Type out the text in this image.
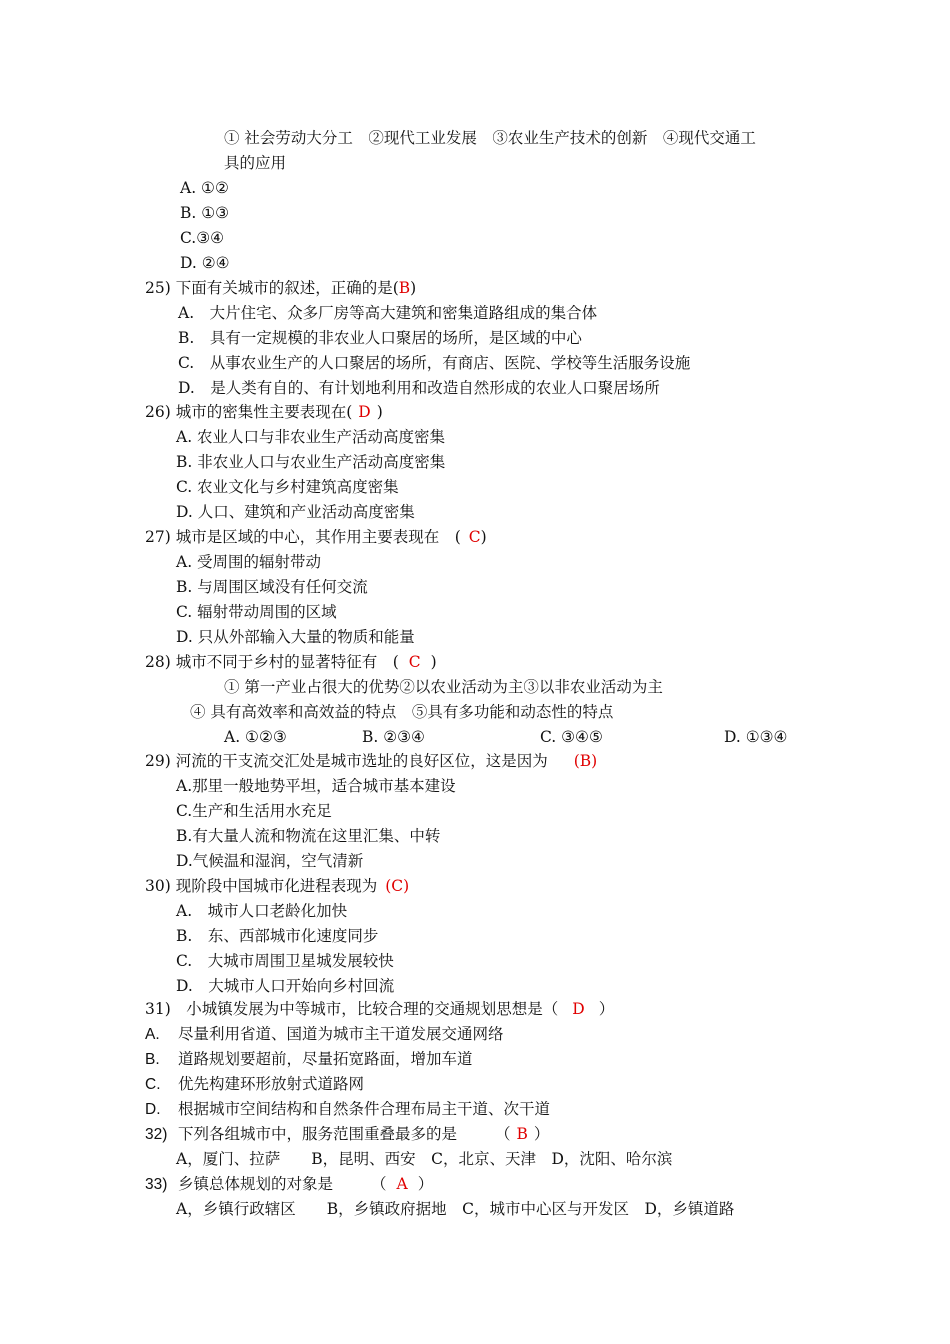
① 社会劳动大分工　②现代工业发展　③农业生产技术的创新　④现代交通工
具的应用
A. ①②
B. ①③
C.③④
D. ②④
25) 下面有关城市的叙述，正确的是(B)
A.　大片住宅、众多厂房等高大建筑和密集道路组成的集合体
B.　具有一定规模的非农业人口聚居的场所，是区域的中心
C.　从事农业生产的人口聚居的场所，有商店、医院、学校等生活服务设施
D.　是人类有自的、有计划地利用和改造自然形成的农业人口聚居场所
26) 城市的密集性主要表现在( D )
A. 农业人口与非农业生产活动高度密集
B. 非农业人口与农业生产活动高度密集
C. 农业文化与乡村建筑高度密集
D. 人口、建筑和产业活动高度密集
27) 城市是区域的中心，其作用主要表现在　( C)
A. 受周围的辐射带动
B. 与周围区域没有任何交流
C. 辐射带动周围的区域
D. 只从外部输入大量的物质和能量
28) 城市不同于乡村的显著特征有　( C )
① 第一产业占很大的优势②以农业活动为主③以非农业活动为主
④ 具有高效率和高效益的特点　⑤具有多功能和动态性的特点
A. ①②③	B. ②③④	C. ③④⑤	D. ①③④
29) 河流的干支流交汇处是城市选址的良好区位，这是因为 (B)
A.那里一般地势平坦，适合城市基本建设
C.生产和生活用水充足
B.有大量人流和物流在这里汇集、中转
D.气候温和湿润，空气清新
30) 现阶段中国城市化进程表现为 (C)
A.　城市人口老龄化加快
B.　东、西部城市化速度同步
C.　大城市周围卫星城发展较快
D.　大城市人口开始向乡村回流
31)　小城镇发展为中等城市，比较合理的交通规划思想是（ D ）
A. 尽量利用省道、国道为城市主干道发展交通网络
B. 道路规划要超前，尽量拓宽路面，增加车道
C. 优先构建环形放射式道路网
D. 根据城市空间结构和自然条件合理布局主干道、次干道
32) 下列各组城市中，服务范围重叠最多的是 （ B ）
A，厦门、拉萨　　B，昆明、西安　C，北京、天津　D，沈阳、哈尔滨
33) 乡镇总体规划的对象是 （ A ）
A，乡镇行政辖区　　B，乡镇政府据地　C，城市中心区与开发区　D，乡镇道路
